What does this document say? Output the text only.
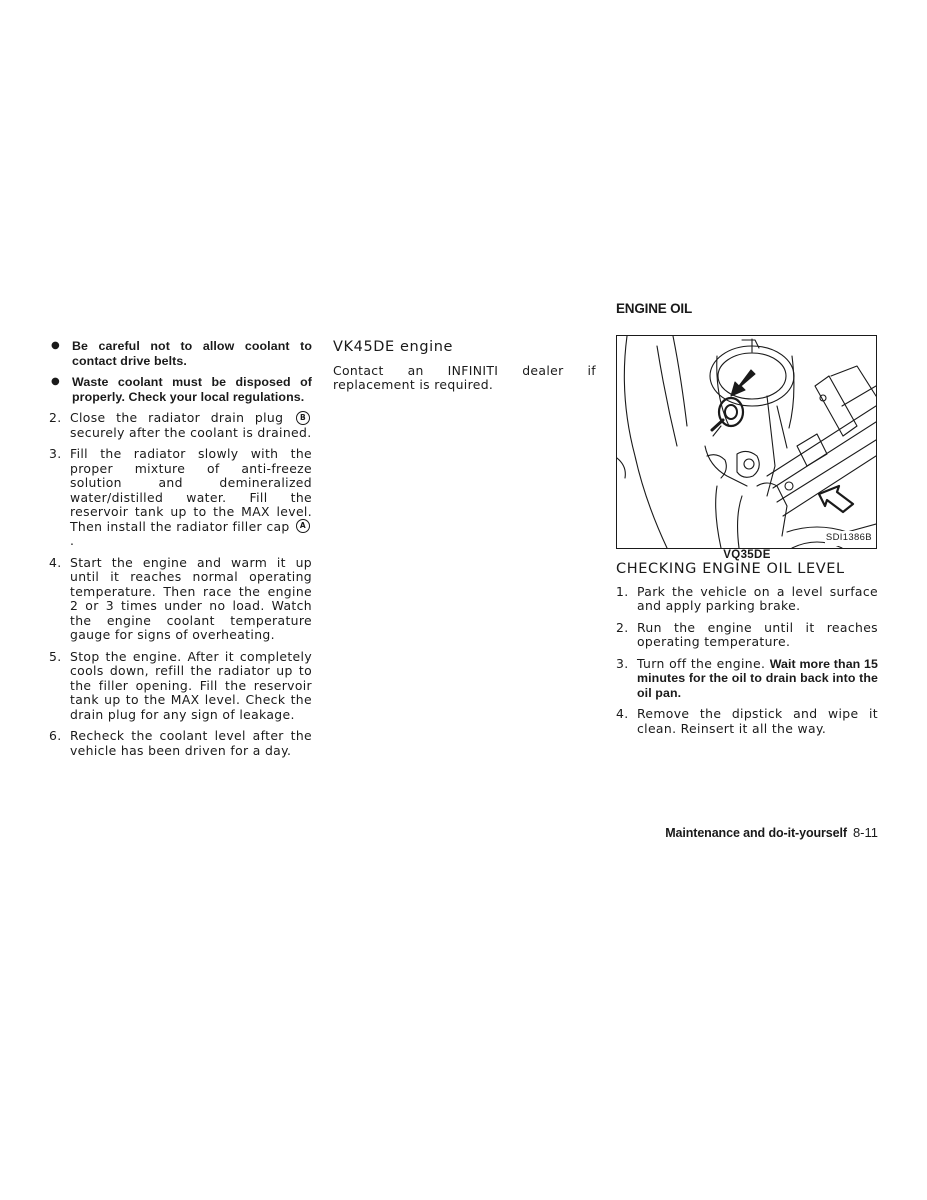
● Be careful not to allow coolant to contact drive belts.
● Waste coolant must be disposed of properly. Check your local regulations.
2. Close the radiator drain plug B securely after the coolant is drained.
3. Fill the radiator slowly with the proper mixture of anti-freeze solution and demineralized water/distilled water. Fill the reservoir tank up to the MAX level. Then install the radiator filler cap A.
4. Start the engine and warm it up until it reaches normal operating temperature. Then race the engine 2 or 3 times under no load. Watch the engine coolant temperature gauge for signs of overheating.
5. Stop the engine. After it completely cools down, refill the radiator up to the filler opening. Fill the reservoir tank up to the MAX level. Check the drain plug for any sign of leakage.
6. Recheck the coolant level after the vehicle has been driven for a day.
VK45DE engine
Contact an INFINITI dealer if replacement is required.
ENGINE OIL
SDI1386B
VQ35DE
CHECKING ENGINE OIL LEVEL
1. Park the vehicle on a level surface and apply parking brake.
2. Run the engine until it reaches operating temperature.
3. Turn off the engine. Wait more than 15 minutes for the oil to drain back into the oil pan.
4. Remove the dipstick and wipe it clean. Reinsert it all the way.
Maintenance and do-it-yourself 8-11
